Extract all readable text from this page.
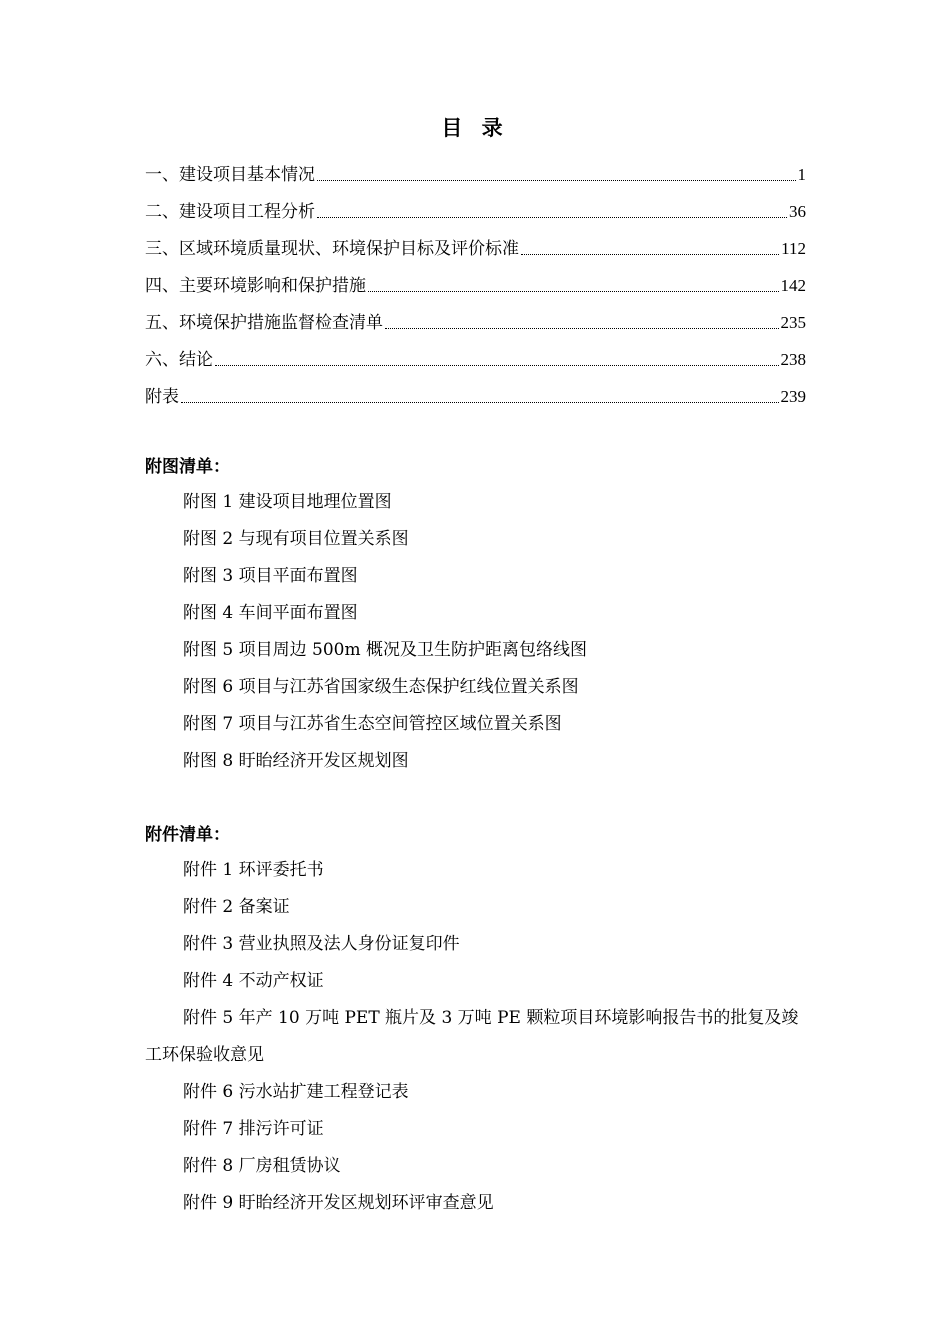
目 录
一、建设项目基本情况	1
二、建设项目工程分析	36
三、区域环境质量现状、环境保护目标及评价标准	112
四、主要环境影响和保护措施	142
五、环境保护措施监督检查清单	235
六、结论	238
附表	239
附图清单：
附图 1 建设项目地理位置图
附图 2 与现有项目位置关系图
附图 3 项目平面布置图
附图 4 车间平面布置图
附图 5 项目周边 500m 概况及卫生防护距离包络线图
附图 6 项目与江苏省国家级生态保护红线位置关系图
附图 7 项目与江苏省生态空间管控区域位置关系图
附图 8 盱眙经济开发区规划图
附件清单：
附件 1 环评委托书
附件 2 备案证
附件 3 营业执照及法人身份证复印件
附件 4 不动产权证
附件 5 年产 10 万吨 PET 瓶片及 3 万吨 PE 颗粒项目环境影响报告书的批复及竣工环保验收意见
附件 6 污水站扩建工程登记表
附件 7 排污许可证
附件 8 厂房租赁协议
附件 9 盱眙经济开发区规划环评审查意见
